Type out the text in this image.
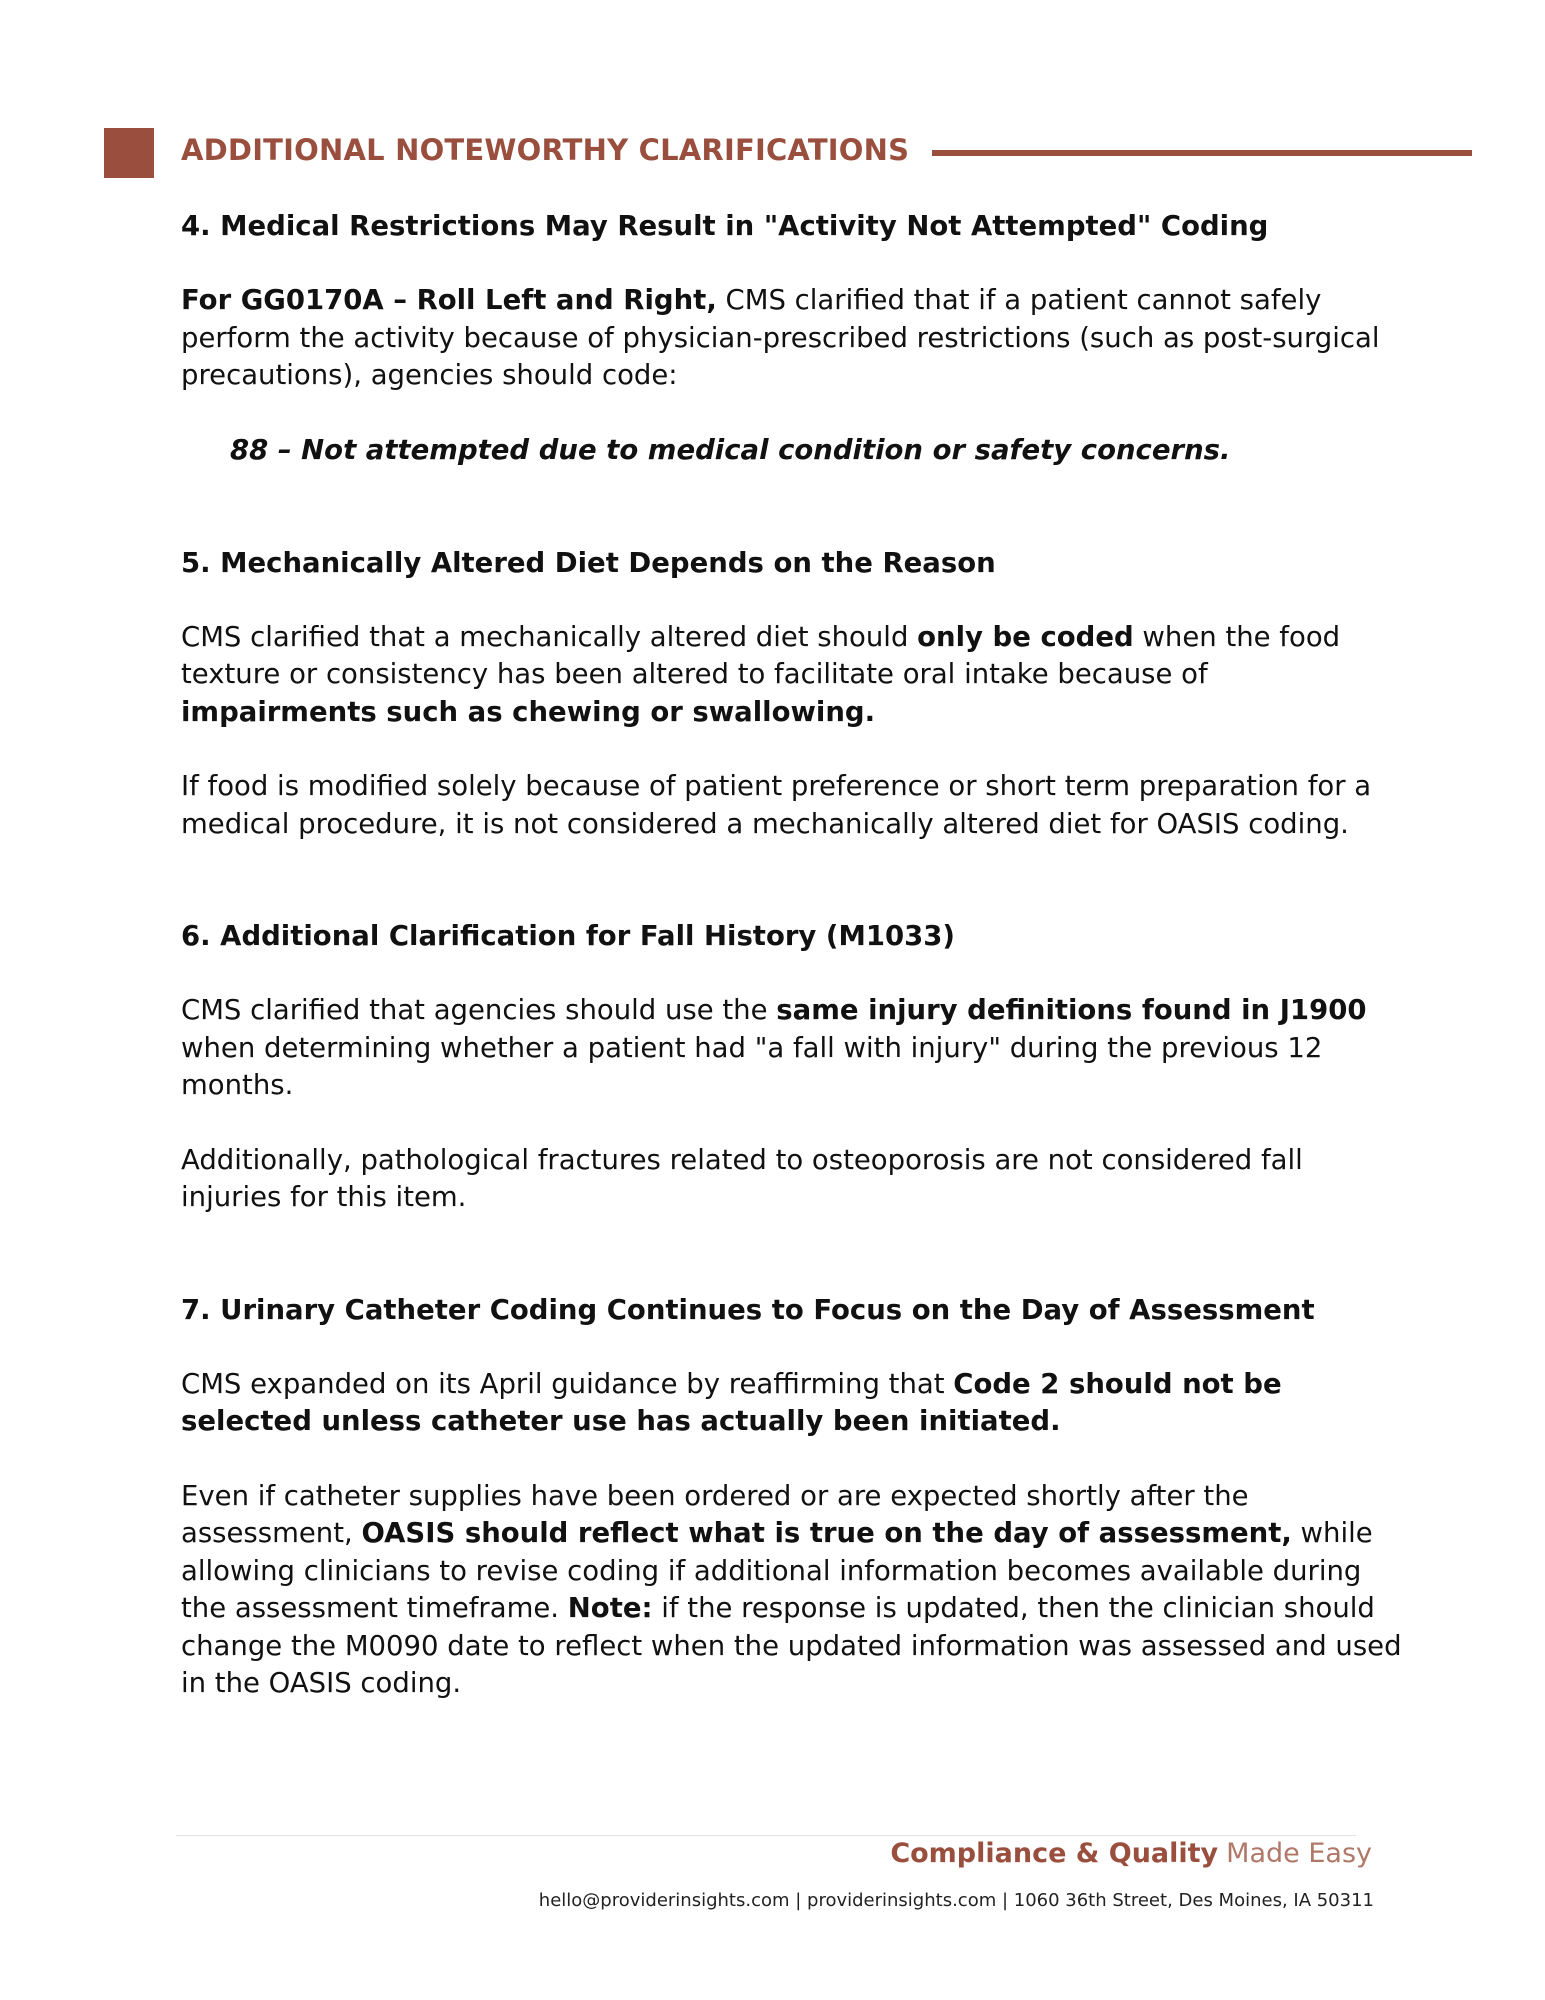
ADDITIONAL NOTEWORTHY CLARIFICATIONS
4. Medical Restrictions May Result in "Activity Not Attempted" Coding

For GG0170A – Roll Left and Right, CMS clarified that if a patient cannot safely perform the activity because of physician-prescribed restrictions (such as post-surgical precautions), agencies should code:

88 – Not attempted due to medical condition or safety concerns.

5. Mechanically Altered Diet Depends on the Reason

CMS clarified that a mechanically altered diet should only be coded when the food texture or consistency has been altered to facilitate oral intake because of impairments such as chewing or swallowing.

If food is modified solely because of patient preference or short term preparation for a medical procedure, it is not considered a mechanically altered diet for OASIS coding.

6. Additional Clarification for Fall History (M1033)

CMS clarified that agencies should use the same injury definitions found in J1900 when determining whether a patient had "a fall with injury" during the previous 12 months.

Additionally, pathological fractures related to osteoporosis are not considered fall injuries for this item.

7. Urinary Catheter Coding Continues to Focus on the Day of Assessment

CMS expanded on its April guidance by reaffirming that Code 2 should not be selected unless catheter use has actually been initiated.

Even if catheter supplies have been ordered or are expected shortly after the assessment, OASIS should reflect what is true on the day of assessment, while allowing clinicians to revise coding if additional information becomes available during the assessment timeframe. Note: if the response is updated, then the clinician should change the M0090 date to reflect when the updated information was assessed and used in the OASIS coding.

Compliance & Quality Made Easy
hello@providerinsights.com | providerinsights.com | 1060 36th Street, Des Moines, IA 50311
